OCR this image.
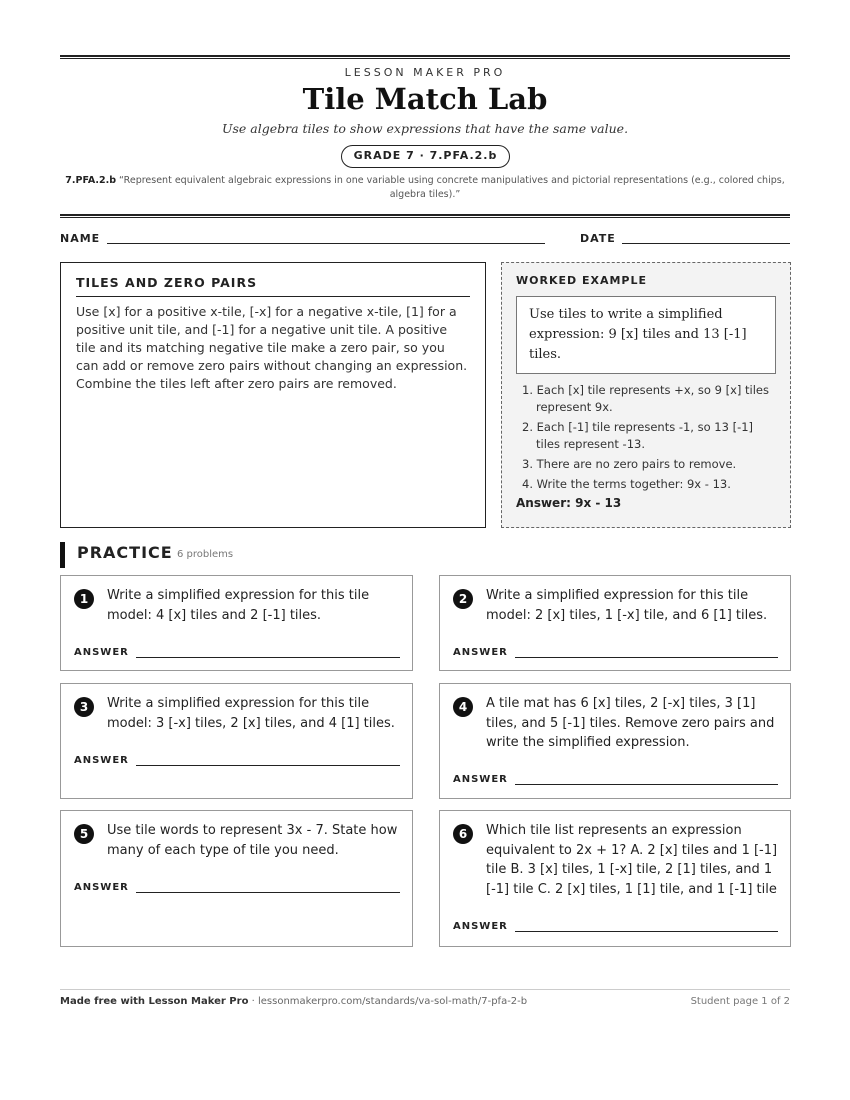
LESSON MAKER PRO
Tile Match Lab
Use algebra tiles to show expressions that have the same value.
GRADE 7 · 7.PFA.2.b
7.PFA.2.b “Represent equivalent algebraic expressions in one variable using concrete manipulatives and pictorial representations (e.g., colored chips, algebra tiles).”
NAME	DATE
TILES AND ZERO PAIRS
Use [x] for a positive x-tile, [-x] for a negative x-tile, [1] for a positive unit tile, and [-1] for a negative unit tile. A positive tile and its matching negative tile make a zero pair, so you can add or remove zero pairs without changing an expression. Combine the tiles left after zero pairs are removed.
WORKED EXAMPLE
Use tiles to write a simplified expression: 9 [x] tiles and 13 [-1] tiles.
1. Each [x] tile represents +x, so 9 [x] tiles represent 9x.
2. Each [-1] tile represents -1, so 13 [-1] tiles represent -13.
3. There are no zero pairs to remove.
4. Write the terms together: 9x - 13.
Answer: 9x - 13
PRACTICE 6 problems
1	Write a simplified expression for this tile model: 4 [x] tiles and 2 [-1] tiles.
ANSWER
2	Write a simplified expression for this tile model: 2 [x] tiles, 1 [-x] tile, and 6 [1] tiles.
ANSWER
3	Write a simplified expression for this tile model: 3 [-x] tiles, 2 [x] tiles, and 4 [1] tiles.
ANSWER
4	A tile mat has 6 [x] tiles, 2 [-x] tiles, 3 [1] tiles, and 5 [-1] tiles. Remove zero pairs and write the simplified expression.
ANSWER
5	Use tile words to represent 3x - 7. State how many of each type of tile you need.
ANSWER
6	Which tile list represents an expression equivalent to 2x + 1? A. 2 [x] tiles and 1 [-1] tile B. 3 [x] tiles, 1 [-x] tile, 2 [1] tiles, and 1 [-1] tile C. 2 [x] tiles, 1 [1] tile, and 1 [-1] tile
ANSWER
Made free with Lesson Maker Pro · lessonmakerpro.com/standards/va-sol-math/7-pfa-2-b	Student page 1 of 2
